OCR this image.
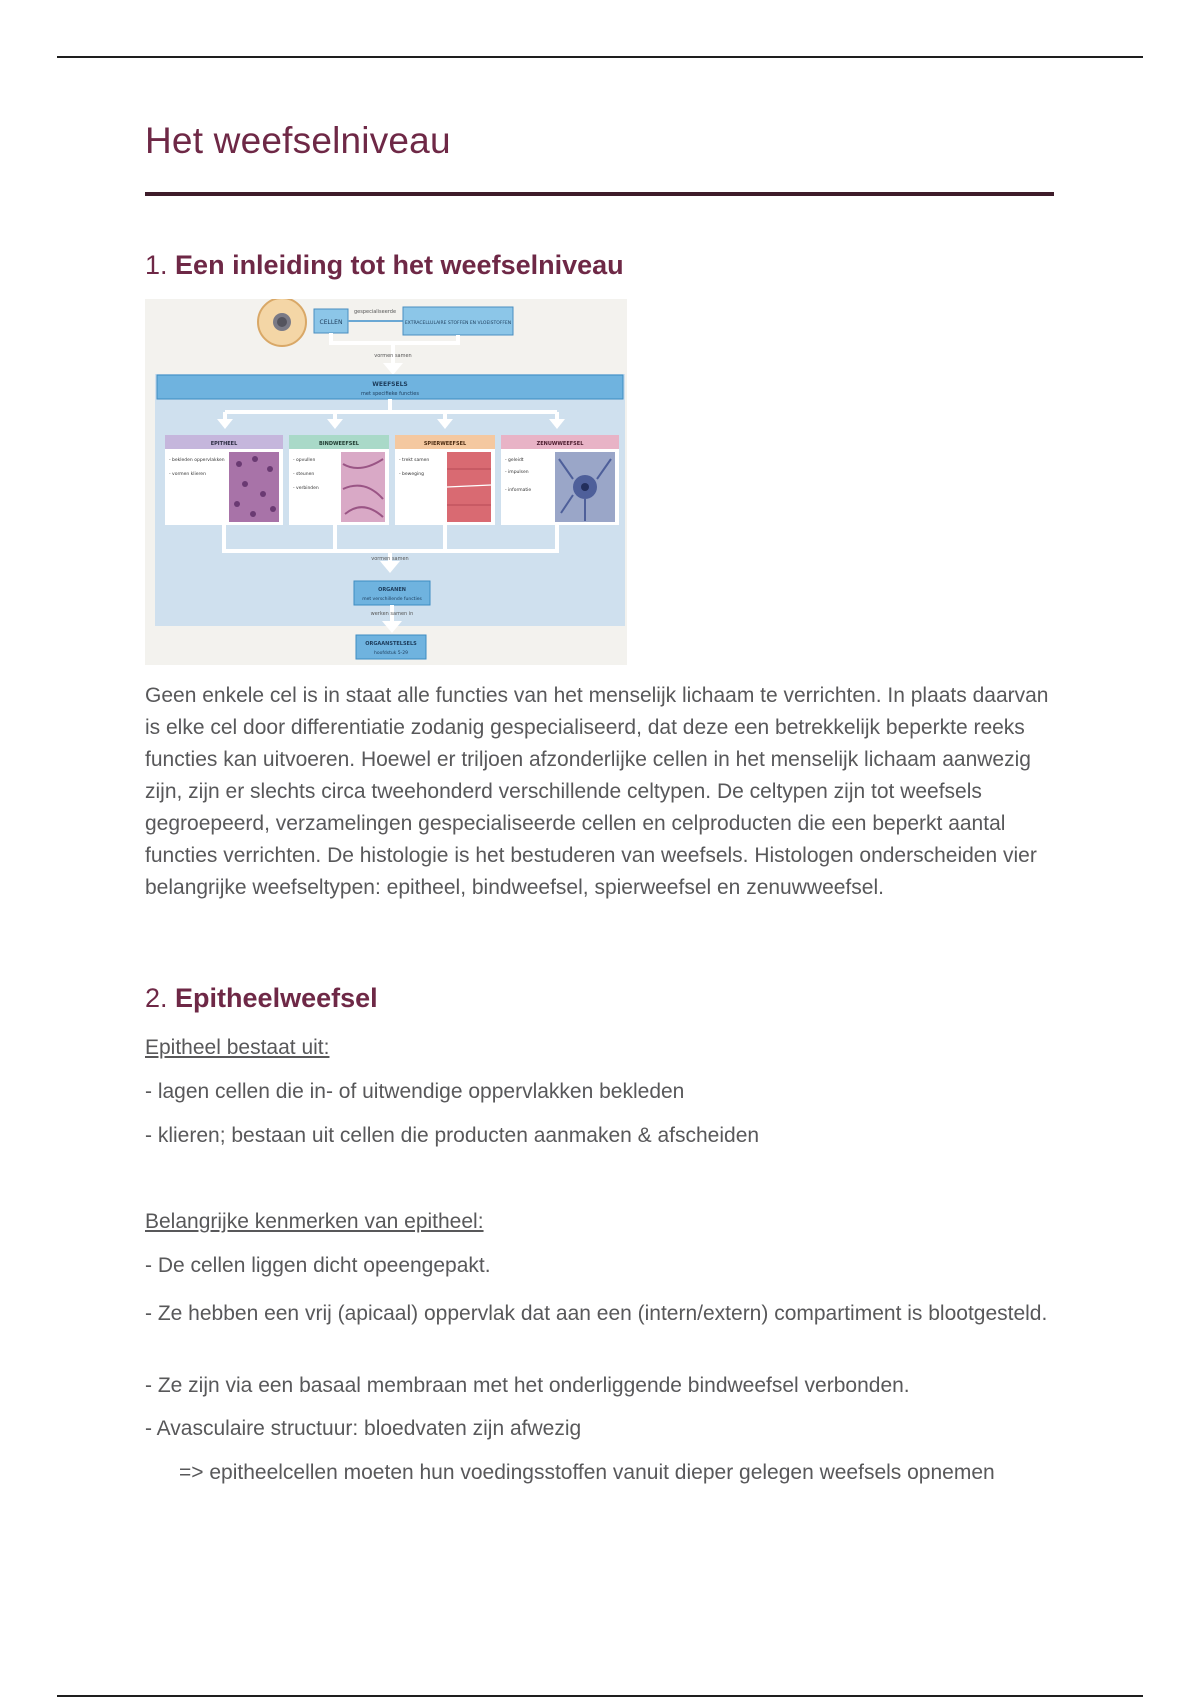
Het weefselniveau
1. Een inleiding tot het weefselniveau
CELLEN
gespecialiseerde
EXTRACELLULAIRE STOFFEN EN VLOEISTOFFEN
vormen samen
WEEFSELS
met specifieke functies
EPITHEEL
- bekleden oppervlakken
- vormen klieren
BINDWEEFSEL
- opvullen
- steunen
- verbinden
SPIERWEEFSEL
- trekt samen
- beweging
ZENUWWEEFSEL
- geleidt
- impulsen
- informatie
vormen samen
ORGANEN
met verschillende functies
werken samen in
ORGAANSTELSELS
hoofdstuk 5-29

Geen enkele cel is in staat alle functies van het menselijk lichaam te verrichten. In plaats daarvan is elke cel door differentiatie zodanig gespecialiseerd, dat deze een betrekkelijk beperkte reeks functies kan uitvoeren. Hoewel er triljoen afzonderlijke cellen in het menselijk lichaam aanwezig zijn, zijn er slechts circa tweehonderd verschillende celtypen. De celtypen zijn tot weefsels gegroepeerd, verzamelingen gespecialiseerde cellen en celproducten die een beperkt aantal functies verrichten. De histologie is het bestuderen van weefsels. Histologen onderscheiden vier belangrijke weefseltypen: epitheel, bindweefsel, spierweefsel en zenuwweefsel.

2. Epitheelweefsel
Epitheel bestaat uit:
- lagen cellen die in- of uitwendige oppervlakken bekleden
- klieren; bestaan uit cellen die producten aanmaken & afscheiden
Belangrijke kenmerken van epitheel:
- De cellen liggen dicht opeengepakt.
- Ze hebben een vrij (apicaal) oppervlak dat aan een (intern/extern) compartiment is blootgesteld.
- Ze zijn via een basaal membraan met het onderliggende bindweefsel verbonden.
- Avasculaire structuur: bloedvaten zijn afwezig
=> epitheelcellen moeten hun voedingsstoffen vanuit dieper gelegen weefsels opnemen
